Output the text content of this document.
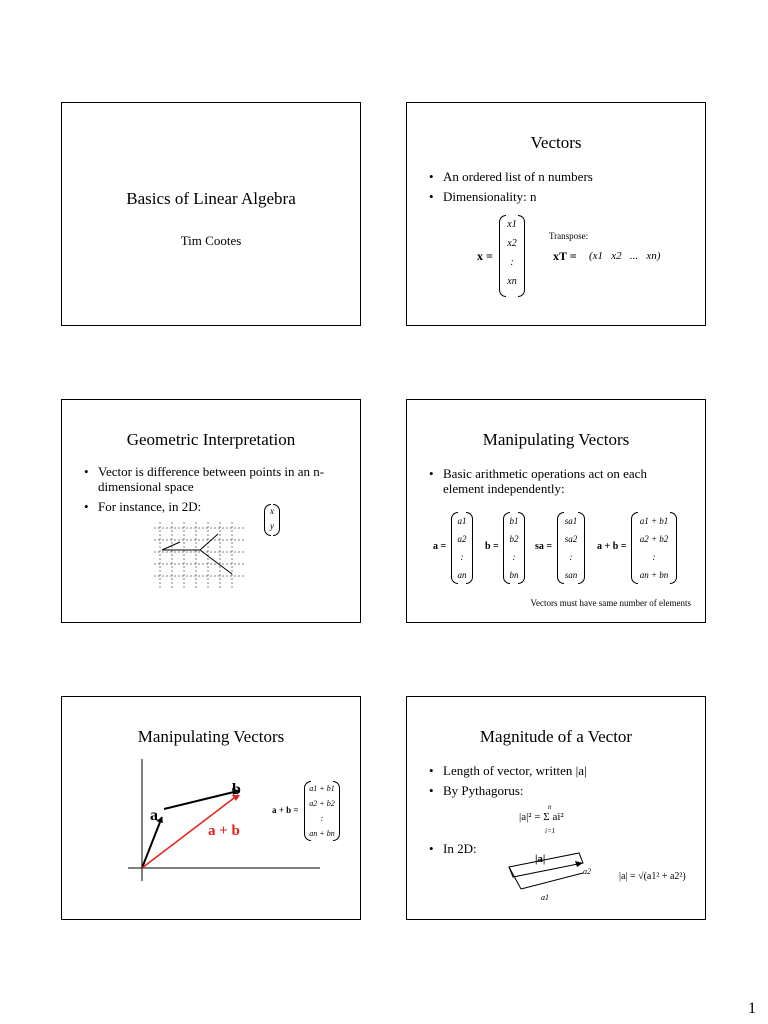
Basics of Linear Algebra
Tim Cootes
Vectors
• An ordered list of n numbers
• Dimensionality: n
x =
x1
x2
:
xn
Transpose:
xT = (x1   x2   ...   xn)
Geometric Interpretation
• Vector is difference between points in an n-dimensional space
• For instance, in 2D:	x
y
Manipulating Vectors
• Basic arithmetic operations act on each element independently:
a =
a1
a2
:
an
b =
b1
b2
:
bn
sa =
sa1
sa2
:
san
a + b =
a1 + b1
a2 + b2
:
an + bn
Vectors must have same number of elements
Manipulating Vectors
a
b
a + b
a + b =
a1 + b1
a2 + b2
:
an + bn
Magnitude of a Vector
• Length of vector, written |a|
• By Pythagorus:
n
|a|² = Σ ai²
i=1
• In 2D:
|a|
a2
a1
|a| = √(a1² + a2²)
1
